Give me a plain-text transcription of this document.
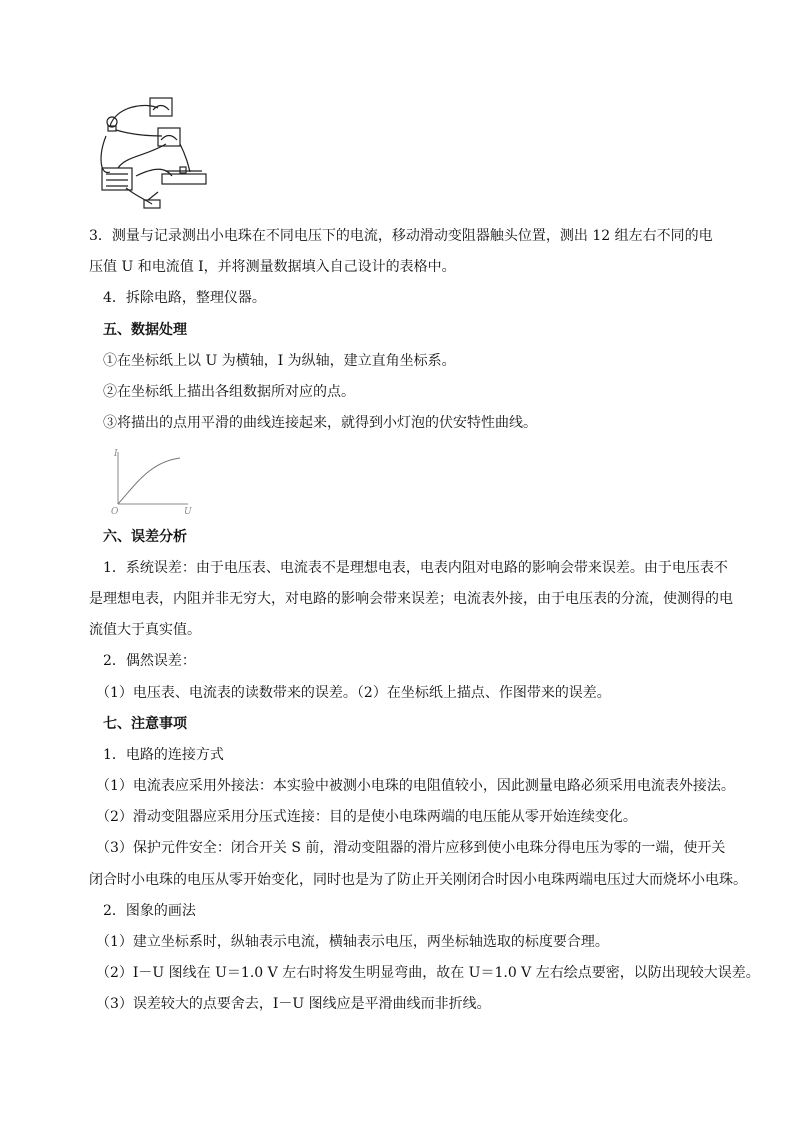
3．测量与记录测出小电珠在不同电压下的电流，移动滑动变阻器触头位置，测出 12 组左右不同的电
压值 U 和电流值 I，并将测量数据填入自己设计的表格中。
4．拆除电路，整理仪器。
五、数据处理
①在坐标纸上以 U 为横轴，I 为纵轴，建立直角坐标系。
②在坐标纸上描出各组数据所对应的点。
③将描出的点用平滑的曲线连接起来，就得到小灯泡的伏安特性曲线。
I
U
O
六、误差分析
1．系统误差：由于电压表、电流表不是理想电表，电表内阻对电路的影响会带来误差。由于电压表不
是理想电表，内阻并非无穷大，对电路的影响会带来误差；电流表外接，由于电压表的分流，使测得的电
流值大于真实值。
2．偶然误差：
（1）电压表、电流表的读数带来的误差。（2）在坐标纸上描点、作图带来的误差。
七、注意事项
1．电路的连接方式
（1）电流表应采用外接法：本实验中被测小电珠的电阻值较小，因此测量电路必须采用电流表外接法。
（2）滑动变阻器应采用分压式连接：目的是使小电珠两端的电压能从零开始连续变化。
（3）保护元件安全：闭合开关 S 前，滑动变阻器的滑片应移到使小电珠分得电压为零的一端，使开关
闭合时小电珠的电压从零开始变化，同时也是为了防止开关刚闭合时因小电珠两端电压过大而烧坏小电珠。
2．图象的画法
（1）建立坐标系时，纵轴表示电流，横轴表示电压，两坐标轴选取的标度要合理。
（2）I－U 图线在 U＝1.0 V 左右时将发生明显弯曲，故在 U＝1.0 V 左右绘点要密，以防出现较大误差。
（3）误差较大的点要舍去，I－U 图线应是平滑曲线而非折线。
